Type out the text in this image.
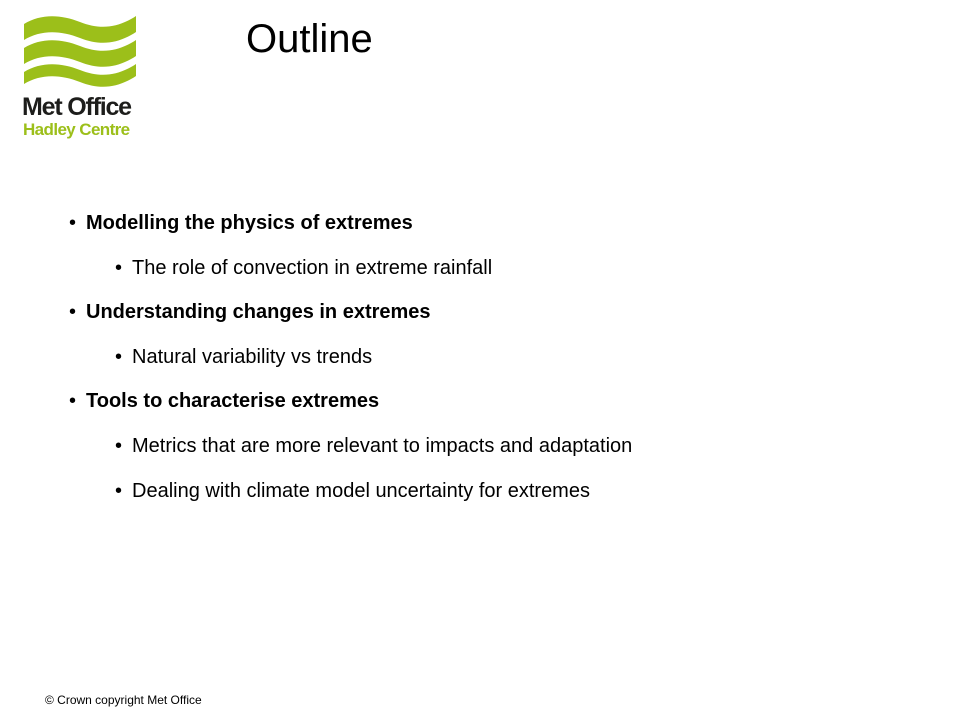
Met Office
Hadley Centre
Outline
• Modelling the physics of extremes
• The role of convection in extreme rainfall
• Understanding changes in extremes
• Natural variability vs trends
• Tools to characterise extremes
• Metrics that are more relevant to impacts and adaptation
• Dealing with climate model uncertainty for extremes
© Crown copyright Met Office
